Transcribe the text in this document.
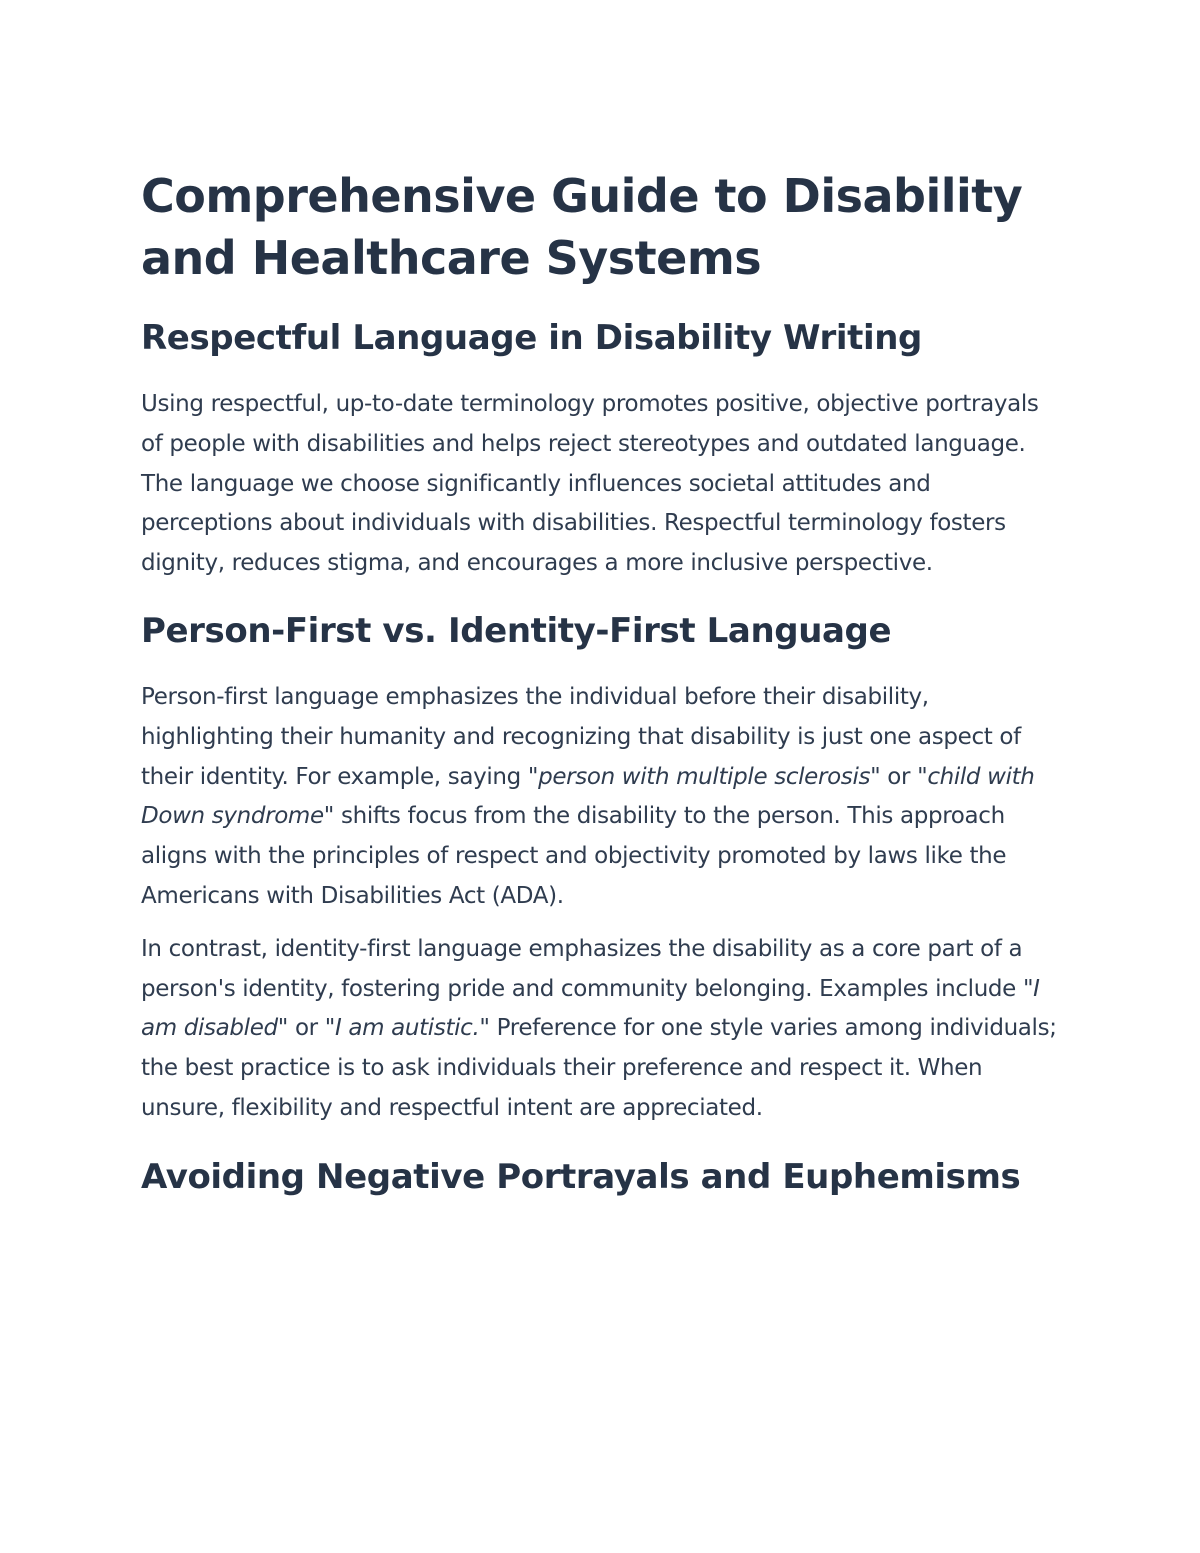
Comprehensive Guide to Disability and Healthcare Systems
Respectful Language in Disability Writing

Using respectful, up-to-date terminology promotes positive, objective portrayals of people with disabilities and helps reject stereotypes and outdated language. The language we choose significantly influences societal attitudes and perceptions about individuals with disabilities. Respectful terminology fosters dignity, reduces stigma, and encourages a more inclusive perspective.

Person-First vs. Identity-First Language

Person-first language emphasizes the individual before their disability, highlighting their humanity and recognizing that disability is just one aspect of their identity. For example, saying "person with multiple sclerosis" or "child with Down syndrome" shifts focus from the disability to the person. This approach aligns with the principles of respect and objectivity promoted by laws like the Americans with Disabilities Act (ADA).

In contrast, identity-first language emphasizes the disability as a core part of a person's identity, fostering pride and community belonging. Examples include "I am disabled" or "I am autistic." Preference for one style varies among individuals; the best practice is to ask individuals their preference and respect it. When unsure, flexibility and respectful intent are appreciated.

Avoiding Negative Portrayals and Euphemisms
